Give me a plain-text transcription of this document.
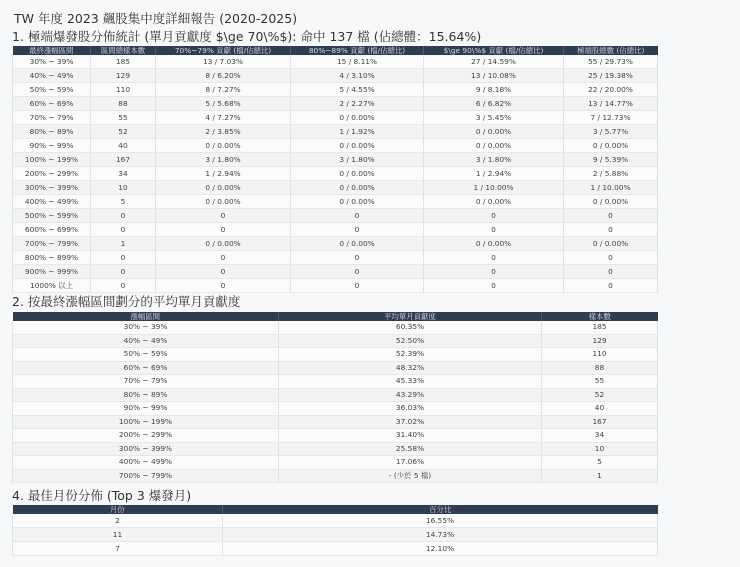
TW 年度 2023 飆股集中度詳細報告 (2020-2025)
1. 極端爆發股分佈統計 (單月貢獻度 $\ge 70\%$): 命中 137 檔 (佔總體：15.64%)
最終漲幅區間	區間總樣本數	70%~79% 貢獻 (檔/佔總比)	80%~89% 貢獻 (檔/佔總比)	$\ge 90\%$ 貢獻 (檔/佔總比)	極端股總數 (佔總比)
30% ~ 39%	185	13 / 7.03%	15 / 8.11%	27 / 14.59%	55 / 29.73%
40% ~ 49%	129	8 / 6.20%	4 / 3.10%	13 / 10.08%	25 / 19.38%
50% ~ 59%	110	8 / 7.27%	5 / 4.55%	9 / 8.18%	22 / 20.00%
60% ~ 69%	88	5 / 5.68%	2 / 2.27%	6 / 6.82%	13 / 14.77%
70% ~ 79%	55	4 / 7.27%	0 / 0.00%	3 / 5.45%	7 / 12.73%
80% ~ 89%	52	2 / 3.85%	1 / 1.92%	0 / 0.00%	3 / 5.77%
90% ~ 99%	40	0 / 0.00%	0 / 0.00%	0 / 0.00%	0 / 0.00%
100% ~ 199%	167	3 / 1.80%	3 / 1.80%	3 / 1.80%	9 / 5.39%
200% ~ 299%	34	1 / 2.94%	0 / 0.00%	1 / 2.94%	2 / 5.88%
300% ~ 399%	10	0 / 0.00%	0 / 0.00%	1 / 10.00%	1 / 10.00%
400% ~ 499%	5	0 / 0.00%	0 / 0.00%	0 / 0.00%	0 / 0.00%
500% ~ 599%	0	0	0	0	0
600% ~ 699%	0	0	0	0	0
700% ~ 799%	1	0 / 0.00%	0 / 0.00%	0 / 0.00%	0 / 0.00%
800% ~ 899%	0	0	0	0	0
900% ~ 999%	0	0	0	0	0
1000% 以上	0	0	0	0	0
2. 按最終漲幅區間劃分的平均單月貢獻度
漲幅區間	平均單月貢獻度	樣本數
30% ~ 39%	60.35%	185
40% ~ 49%	52.50%	129
50% ~ 59%	52.39%	110
60% ~ 69%	48.32%	88
70% ~ 79%	45.33%	55
80% ~ 89%	43.29%	52
90% ~ 99%	36.03%	40
100% ~ 199%	37.02%	167
200% ~ 299%	31.40%	34
300% ~ 399%	25.58%	10
400% ~ 499%	17.06%	5
700% ~ 799%	- (少於 5 檔)	1
4. 最佳月份分佈 (Top 3 爆發月)
月份	百分比
2	16.55%
11	14.73%
7	12.10%
